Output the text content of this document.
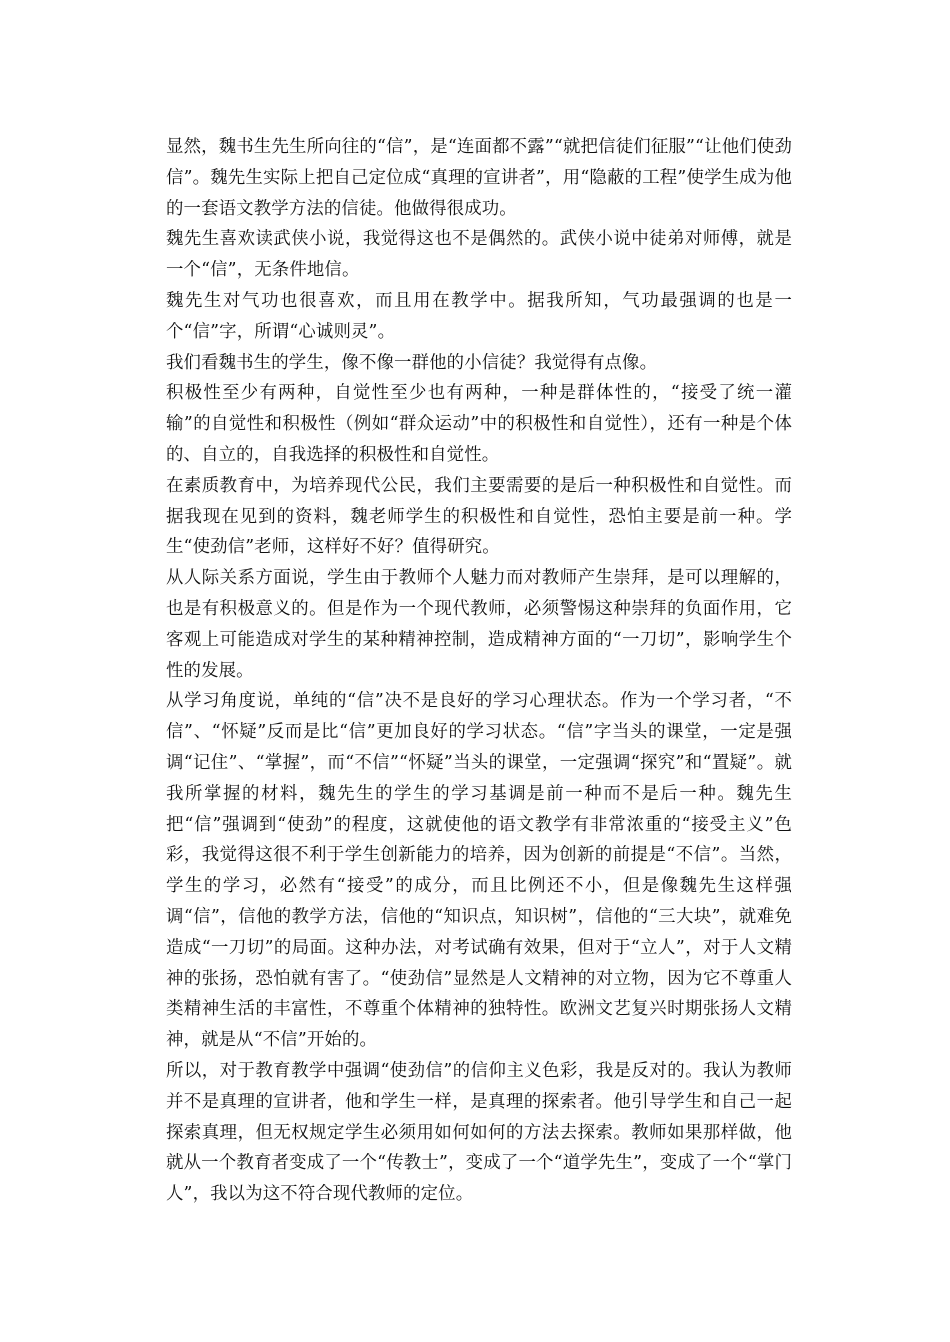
显然，魏书生先生所向往的“信”，是“连面都不露”“就把信徒们征服”“让他们使劲信”。魏先生实际上把自己定位成“真理的宣讲者”，用“隐蔽的工程”使学生成为他的一套语文教学方法的信徒。他做得很成功。

魏先生喜欢读武侠小说，我觉得这也不是偶然的。武侠小说中徒弟对师傅，就是一个“信”，无条件地信。

魏先生对气功也很喜欢，而且用在教学中。据我所知，气功最强调的也是一个“信”字，所谓“心诚则灵”。

我们看魏书生的学生，像不像一群他的小信徒？我觉得有点像。

积极性至少有两种，自觉性至少也有两种，一种是群体性的，“接受了统一灌输”的自觉性和积极性（例如“群众运动”中的积极性和自觉性），还有一种是个体的、自立的，自我选择的积极性和自觉性。

在素质教育中，为培养现代公民，我们主要需要的是后一种积极性和自觉性。而据我现在见到的资料，魏老师学生的积极性和自觉性，恐怕主要是前一种。学生“使劲信”老师，这样好不好？值得研究。

从人际关系方面说，学生由于教师个人魅力而对教师产生崇拜，是可以理解的，也是有积极意义的。但是作为一个现代教师，必须警惕这种崇拜的负面作用，它客观上可能造成对学生的某种精神控制，造成精神方面的“一刀切”，影响学生个性的发展。

从学习角度说，单纯的“信”决不是良好的学习心理状态。作为一个学习者，“不信”、“怀疑”反而是比“信”更加良好的学习状态。“信”字当头的课堂，一定是强调“记住”、“掌握”，而“不信”“怀疑”当头的课堂，一定强调“探究”和“置疑”。就我所掌握的材料，魏先生的学生的学习基调是前一种而不是后一种。魏先生把“信”强调到“使劲”的程度，这就使他的语文教学有非常浓重的“接受主义”色彩，我觉得这很不利于学生创新能力的培养，因为创新的前提是“不信”。当然，学生的学习，必然有“接受”的成分，而且比例还不小，但是像魏先生这样强调“信”，信他的教学方法，信他的“知识点，知识树”，信他的“三大块”，就难免造成“一刀切”的局面。这种办法，对考试确有效果，但对于“立人”，对于人文精神的张扬，恐怕就有害了。“使劲信”显然是人文精神的对立物，因为它不尊重人类精神生活的丰富性，不尊重个体精神的独特性。欧洲文艺复兴时期张扬人文精神，就是从“不信”开始的。

所以，对于教育教学中强调“使劲信”的信仰主义色彩，我是反对的。我认为教师并不是真理的宣讲者，他和学生一样，是真理的探索者。他引导学生和自己一起探索真理，但无权规定学生必须用如何如何的方法去探索。教师如果那样做，他就从一个教育者变成了一个“传教士”，变成了一个“道学先生”，变成了一个“掌门人”，我以为这不符合现代教师的定位。
